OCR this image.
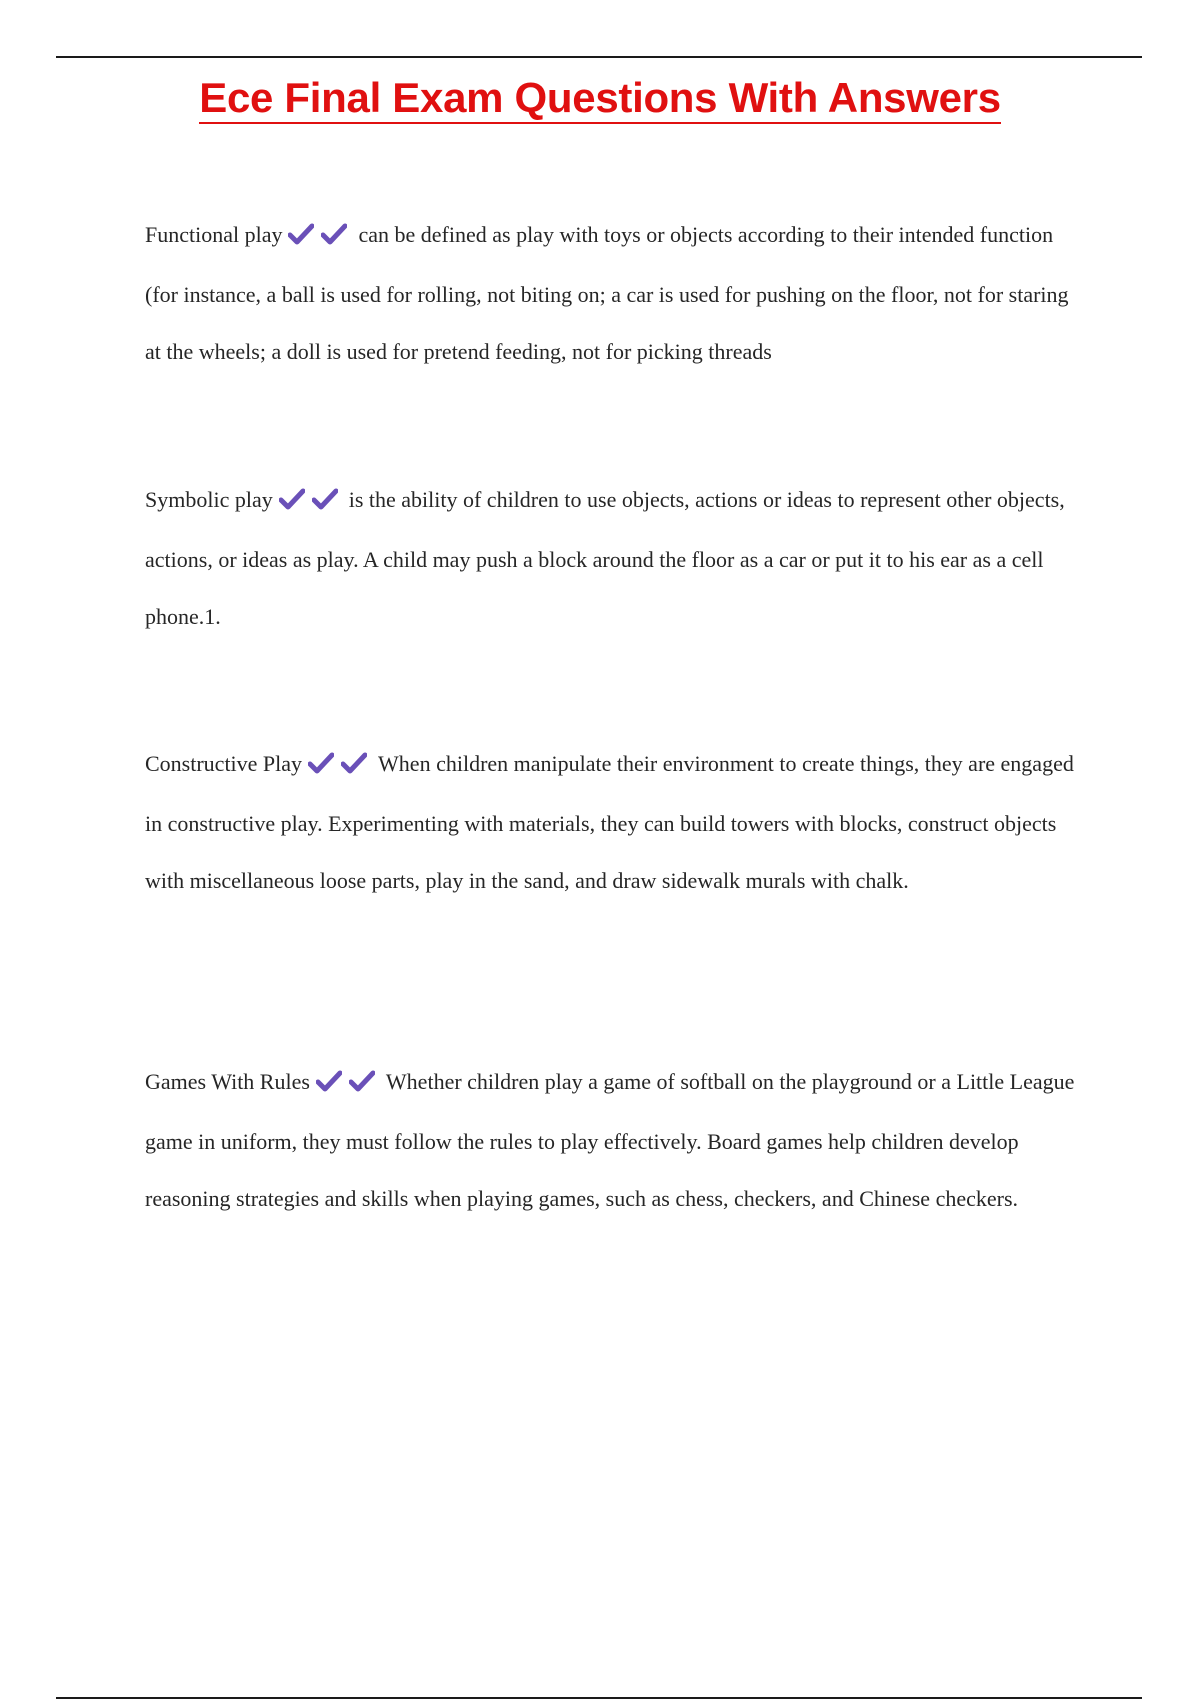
Ece Final Exam Questions With Answers

Functional play	can be defined as play with toys or objects according to their intended function (for instance, a ball is used for rolling, not biting on; a car is used for pushing on the floor, not for staring at the wheels; a doll is used for pretend feeding, not for picking threads

Symbolic play	is the ability of children to use objects, actions or ideas to represent other objects, actions, or ideas as play. A child may push a block around the floor as a car or put it to his ear as a cell phone.1.

Constructive Play	When children manipulate their environment to create things, they are engaged in constructive play. Experimenting with materials, they can build towers with blocks, construct objects with miscellaneous loose parts, play in the sand, and draw sidewalk murals with chalk.

Games With Rules	Whether children play a game of softball on the playground or a Little League game in uniform, they must follow the rules to play effectively. Board games help children develop reasoning strategies and skills when playing games, such as chess, checkers, and Chinese checkers.
